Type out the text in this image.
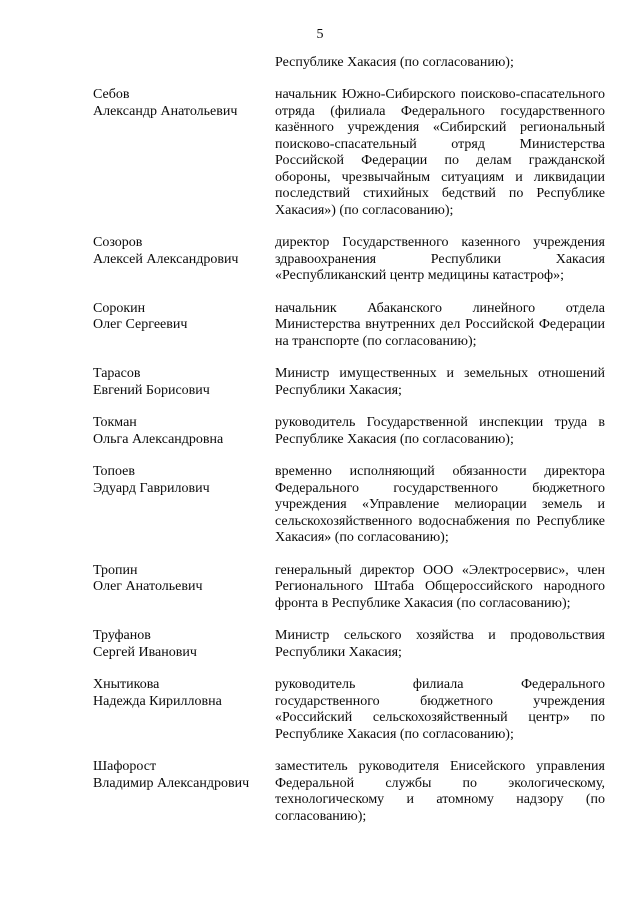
5
Республике Хакасия (по согласованию);
Себов
Александр Анатольевич
начальник Южно-Сибирского поисково-спасательного отряда (филиала Федерального государственного казённого учреждения «Сибирский региональный поисково-спасательный отряд Министерства Российской Федерации по делам гражданской обороны, чрезвычайным ситуациям и ликвидации последствий стихийных бедствий по Республике Хакасия») (по согласованию);
Созоров
Алексей Александрович
директор Государственного казенного учреждения здравоохранения Республики Хакасия «Республиканский центр медицины катастроф»;
Сорокин
Олег Сергеевич
начальник Абаканского линейного отдела Министерства внутренних дел Российской Федерации на транспорте (по согласованию);
Тарасов
Евгений Борисович
Министр имущественных и земельных отношений Республики Хакасия;
Токман
Ольга Александровна
руководитель Государственной инспекции труда в Республике Хакасия (по согласованию);
Топоев
Эдуард Гаврилович
временно исполняющий обязанности директора Федерального государственного бюджетного учреждения «Управление мелиорации земель и сельскохозяйственного водоснабжения по Республике Хакасия» (по согласованию);
Тропин
Олег Анатольевич
генеральный директор ООО «Электросервис», член Регионального Штаба Общероссийского народного фронта в Республике Хакасия (по согласованию);
Труфанов
Сергей Иванович
Министр сельского хозяйства и продовольствия Республики Хакасия;
Хнытикова
Надежда Кирилловна
руководитель филиала Федерального государственного бюджетного учреждения «Российский сельскохозяйственный центр» по Республике Хакасия (по согласованию);
Шафорост
Владимир Александрович
заместитель руководителя Енисейского управления Федеральной службы по экологическому, технологическому и атомному надзору (по согласованию);
